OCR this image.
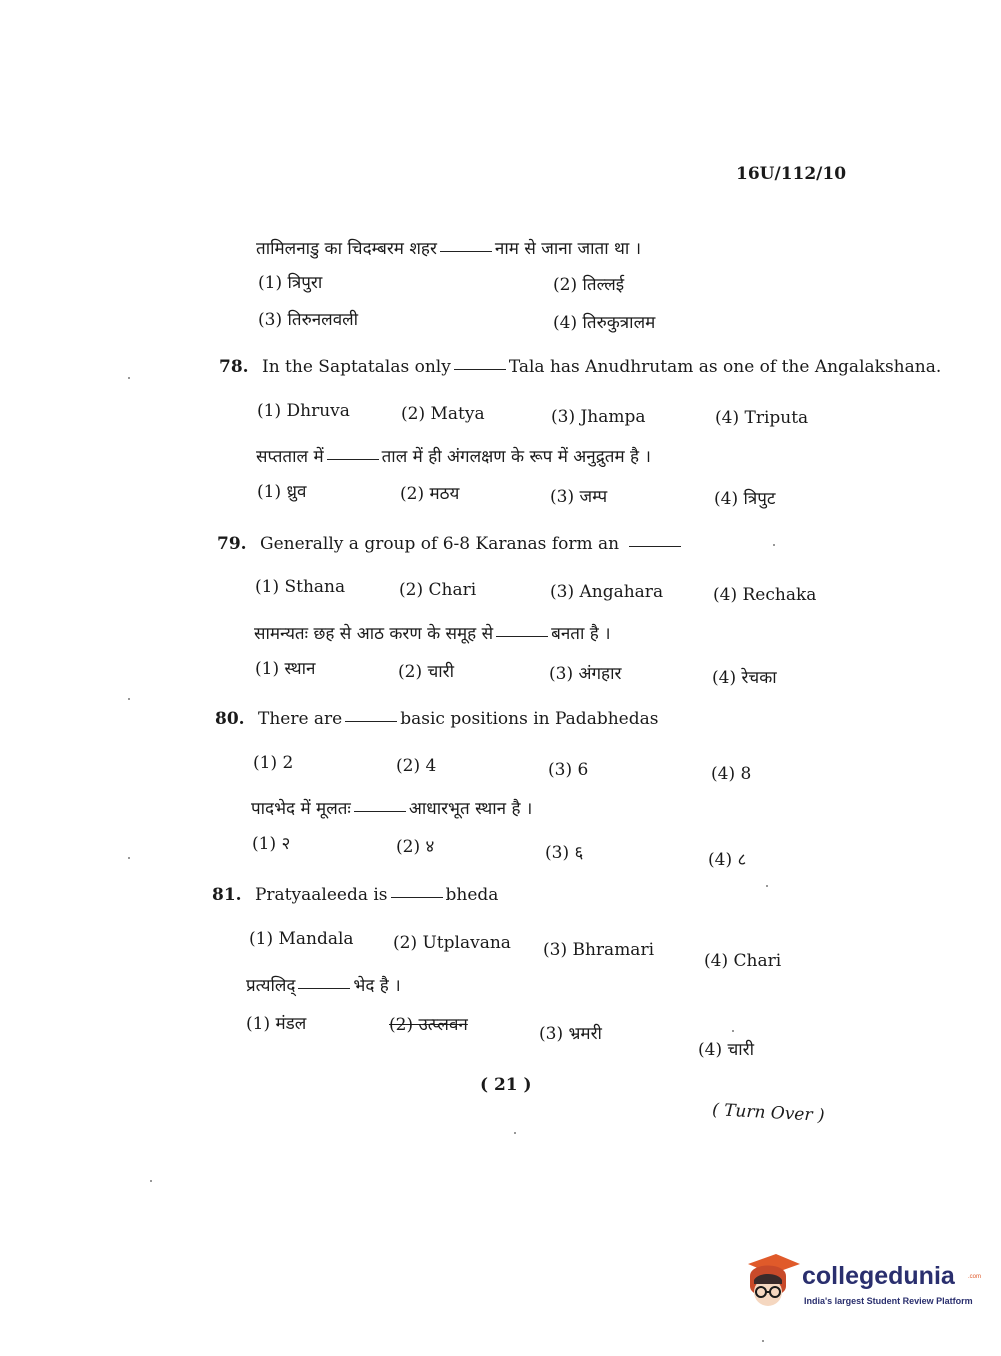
16U/112/10
तामिलनाडु का चिदम्बरम शहर	नाम से जाना जाता था ।
(1) त्रिपुरा	(2) तिल्लई
(3) तिरुनलवली	(4) तिरुकुत्रालम
78. In the Saptatalas only	Tala has Anudhrutam as one of the Angalakshana.
(1) Dhruva	(2) Matya	(3) Jhampa	(4) Triputa
सप्तताल में	ताल में ही अंगलक्षण के रूप में अनुद्रुतम है ।
(1) ध्रुव	(2) मठय	(3) जम्प	(4) त्रिपुट
79. Generally a group of 6-8 Karanas form an
(1) Sthana	(2) Chari	(3) Angahara	(4) Rechaka
सामन्यतः छह से आठ करण के समूह से	बनता है ।
(1) स्थान	(2) चारी	(3) अंगहार	(4) रेचका
80. There are	basic positions in Padabhedas
(1) 2	(2) 4	(3) 6	(4) 8
पादभेद में मूलतः	आधारभूत स्थान है ।
(1) २	(2) ४	(3) ६	(4) ८
81. Pratyaaleeda is	bheda
(1) Mandala (2) Utplavana (3) Bhramari
(4) Chari
प्रत्यलिद्	भेद है ।
(1) मंडल	(2) उत्प्लवन	(3) भ्रमरी
(4) चारी
( 21 )
( Turn Over )
collegedunia .com
India's largest Student Review Platform
